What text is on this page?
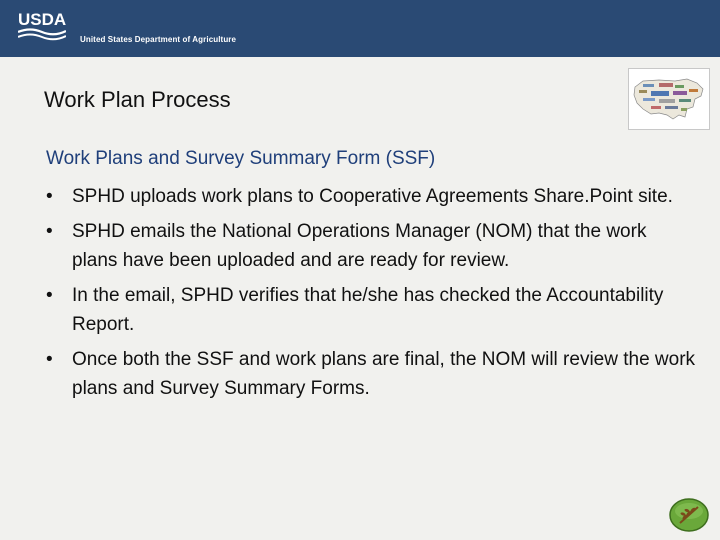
USDA
United States Department of Agriculture
Work Plan Process
Work Plans and Survey Summary Form (SSF)
• SPHD uploads work plans to Cooperative Agreements Share.Point site.
• SPHD emails the National Operations Manager (NOM) that the work plans have been uploaded and are ready for review.
• In the email, SPHD verifies that he/she has checked the Accountability Report.
• Once both the SSF and work plans are final, the NOM will review the work plans and Survey Summary Forms.
